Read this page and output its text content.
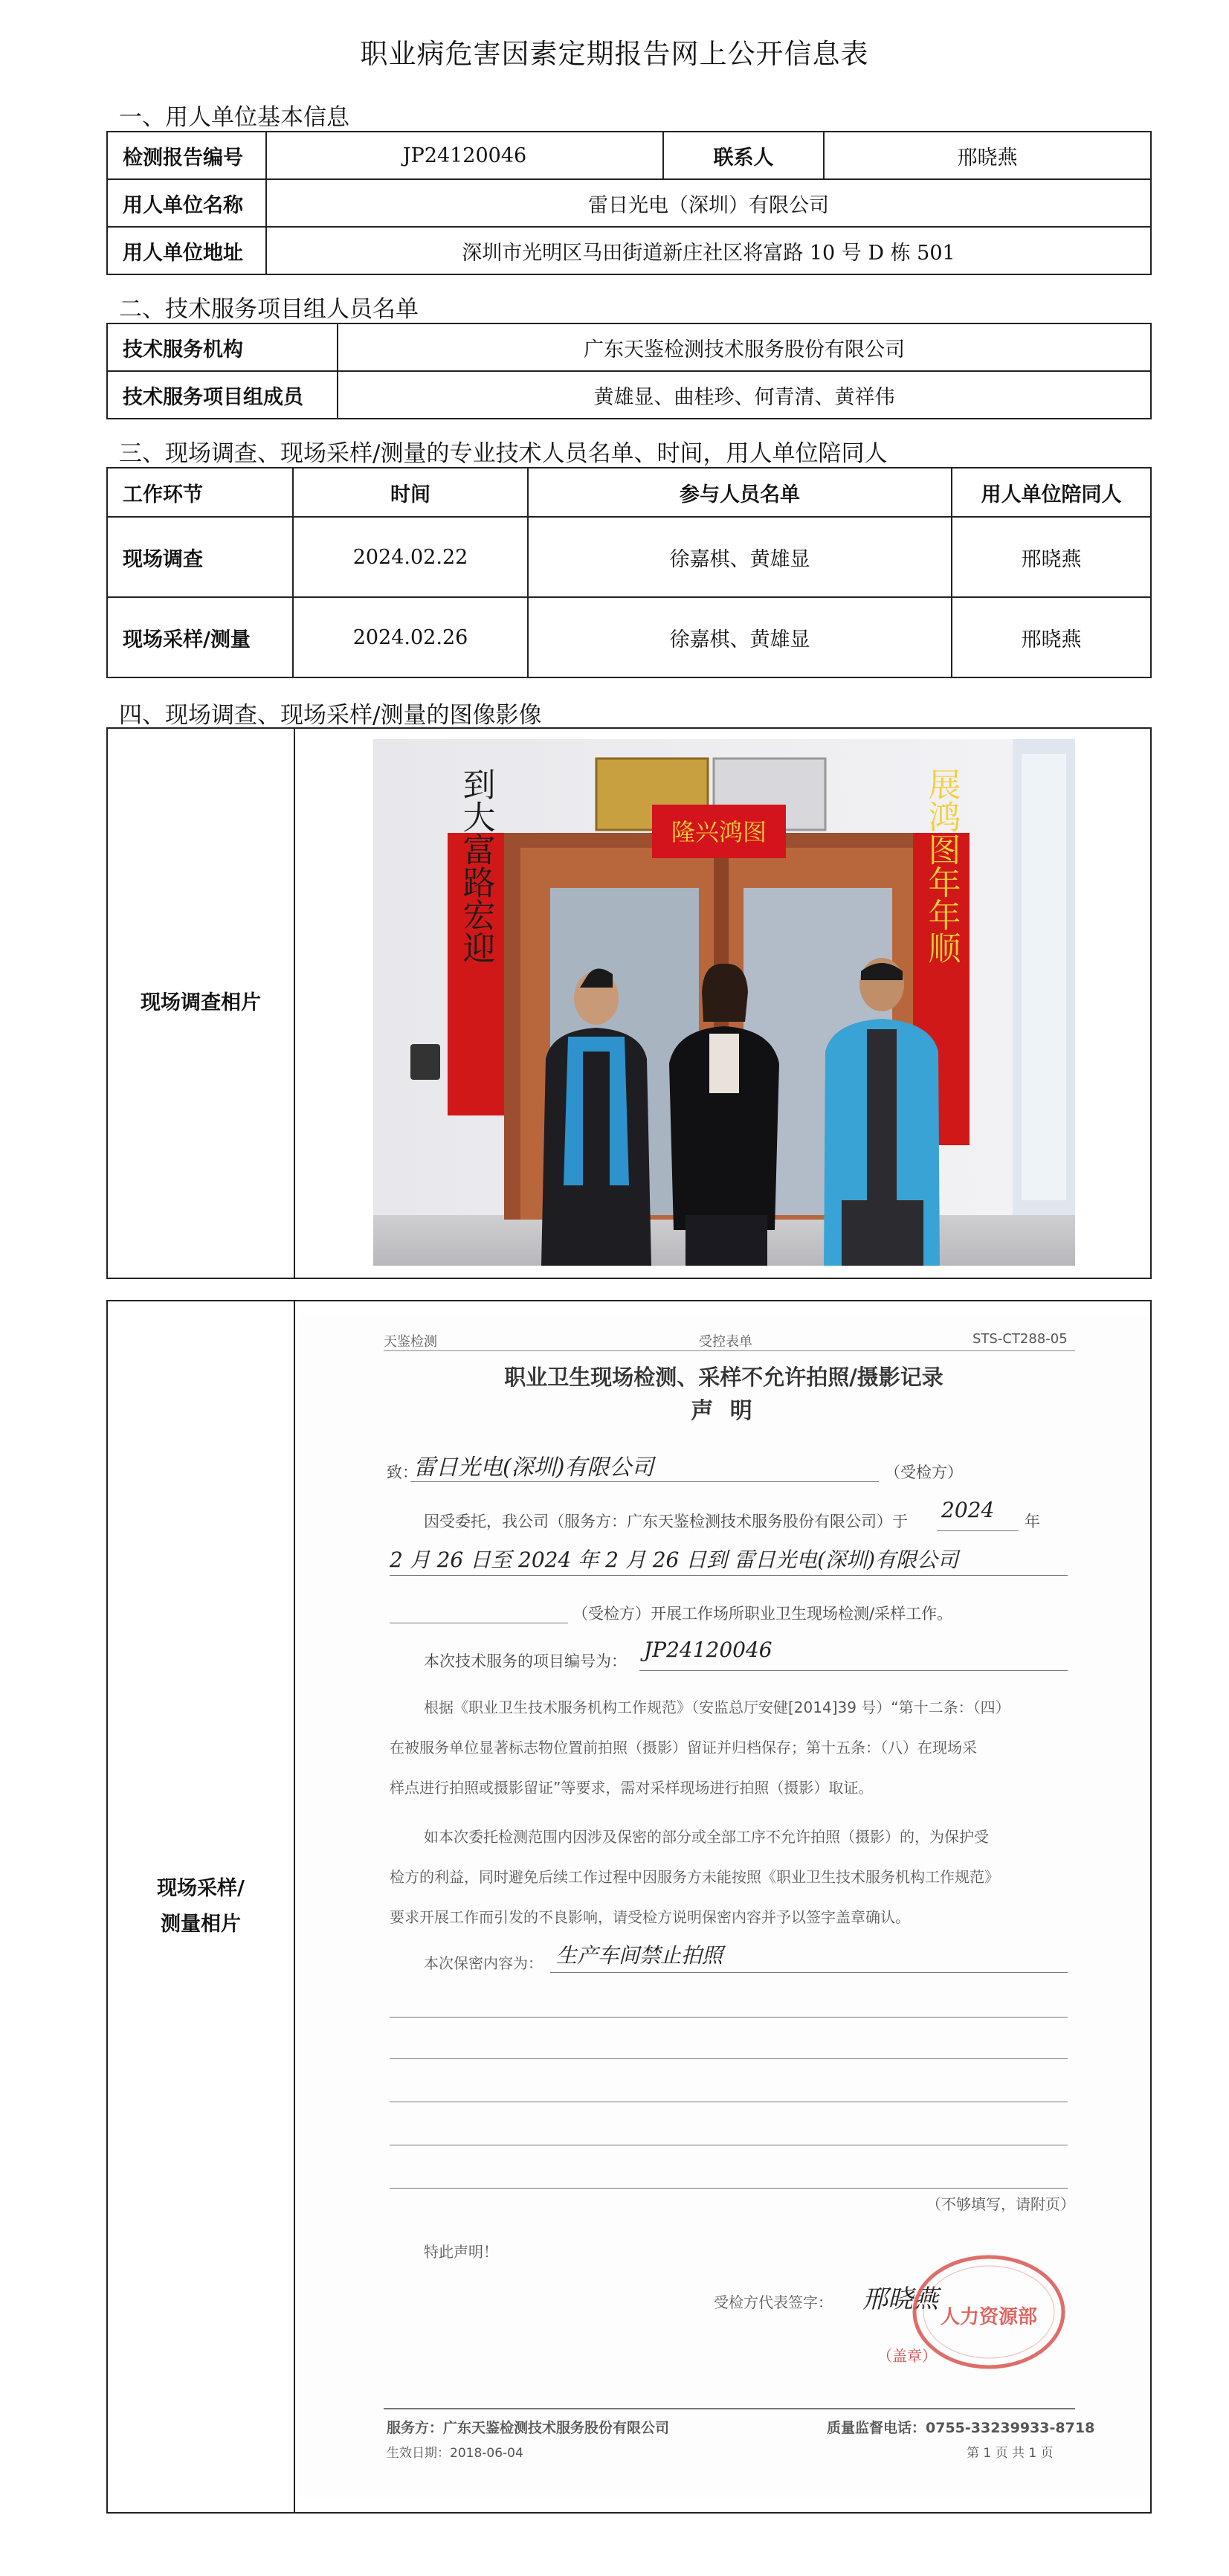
职业病危害因素定期报告网上公开信息表
一、用人单位基本信息
检测报告编号	JP24120046	联系人	邢晓燕
用人单位名称	雷日光电（深圳）有限公司		
用人单位地址	深圳市光明区马田街道新庄社区将富路 10 号 D 栋 501		
二、技术服务项目组人员名单
技术服务机构	广东天鉴检测技术服务股份有限公司
技术服务项目组成员	黄雄显、曲桂珍、何青清、黄祥伟
三、现场调查、现场采样/测量的专业技术人员名单、时间，用人单位陪同人
工作环节	时间	参与人员名单	用人单位陪同人
现场调查	2024.02.22	徐嘉棋、黄雄显	邢晓燕
现场采样/测量	2024.02.26	徐嘉棋、黄雄显	邢晓燕
四、现场调查、现场采样/测量的图像影像
现场调查相片	
隆兴鸿图
到大富路宏迎	展鸿图年年顺
现场采样/
测量相片

天鉴检测	受控表单	STS-CT288-05
职业卫生现场检测、采样不允许拍照/摄影记录
声 明
致：
雷日光电(深圳)有限公司	（受检方）
因受委托，我公司（服务方：广东天鉴检测技术服务股份有限公司）于 2024 年
2 月 26 日至 2024 年 2 月 26 日到 雷日光电(深圳)有限公司
（受检方）开展工作场所职业卫生现场检测/采样工作。
本次技术服务的项目编号为： JP24120046
根据《职业卫生技术服务机构工作规范》（安监总厅安健[2014]39 号）“第十二条：（四）
在被服务单位显著标志物位置前拍照（摄影）留证并归档保存；第十五条：（八）在现场采
样点进行拍照或摄影留证”等要求，需对采样现场进行拍照（摄影）取证。
如本次委托检测范围内因涉及保密的部分或全部工序不允许拍照（摄影）的，为保护受
检方的利益，同时避免后续工作过程中因服务方未能按照《职业卫生技术服务机构工作规范》
要求开展工作而引发的不良影响，请受检方说明保密内容并予以签字盖章确认。
本次保密内容为： 生产车间禁止拍照
（不够填写，请附页）
特此声明！
受检方代表签字： 邢晓燕
人力资源部
（盖章）
服务方：广东天鉴检测技术服务股份有限公司	质量监督电话：0755-33239933-8718
生效日期：2018-06-04	第 1 页 共 1 页
